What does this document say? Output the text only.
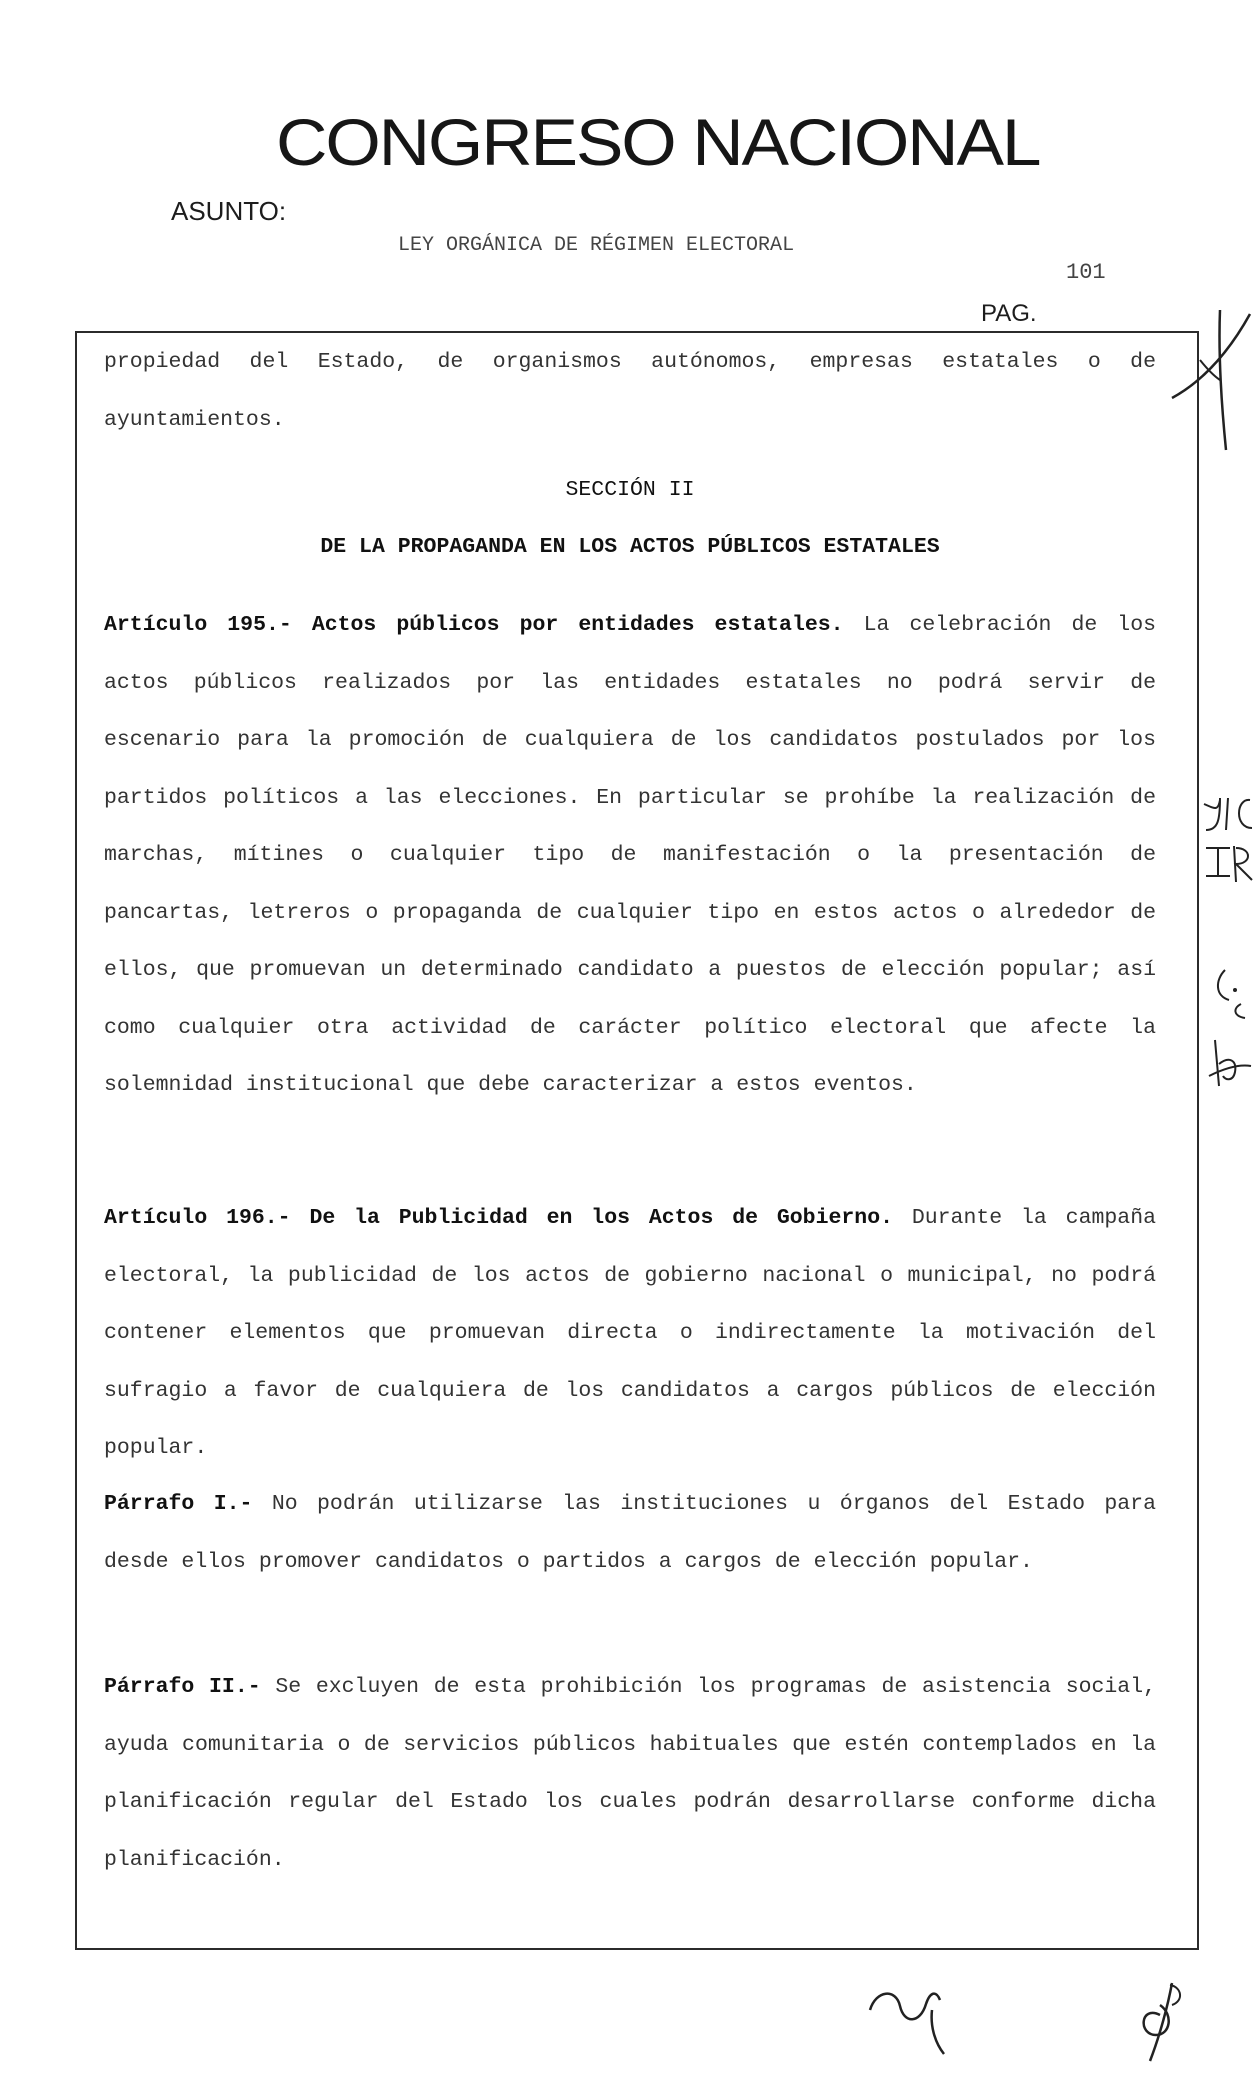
CONGRESO NACIONAL
ASUNTO:
LEY ORGÁNICA DE RÉGIMEN ELECTORAL
101
PAG.

propiedad del Estado, de organismos autónomos, empresas estatales o de ayuntamientos.

SECCIÓN II

DE LA PROPAGANDA EN LOS ACTOS PÚBLICOS ESTATALES

Artículo 195.- Actos públicos por entidades estatales. La celebración de los actos públicos realizados por las entidades estatales no podrá servir de escenario para la promoción de cualquiera de los candidatos postulados por los partidos políticos a las elecciones. En particular se prohíbe la realización de marchas, mítines o cualquier tipo de manifestación o la presentación de pancartas, letreros o propaganda de cualquier tipo en estos actos o alrededor de ellos, que promuevan un determinado candidato a puestos de elección popular; así como cualquier otra actividad de carácter político electoral que afecte la solemnidad institucional que debe caracterizar a estos eventos.

Artículo 196.- De la Publicidad en los Actos de Gobierno. Durante la campaña electoral, la publicidad de los actos de gobierno nacional o municipal, no podrá contener elementos que promuevan directa o indirectamente la motivación del sufragio a favor de cualquiera de los candidatos a cargos públicos de elección popular.

Párrafo I.- No podrán utilizarse las instituciones u órganos del Estado para desde ellos promover candidatos o partidos a cargos de elección popular.

Párrafo II.- Se excluyen de esta prohibición los programas de asistencia social, ayuda comunitaria o de servicios públicos habituales que estén contemplados en la planificación regular del Estado los cuales podrán desarrollarse conforme dicha planificación.
